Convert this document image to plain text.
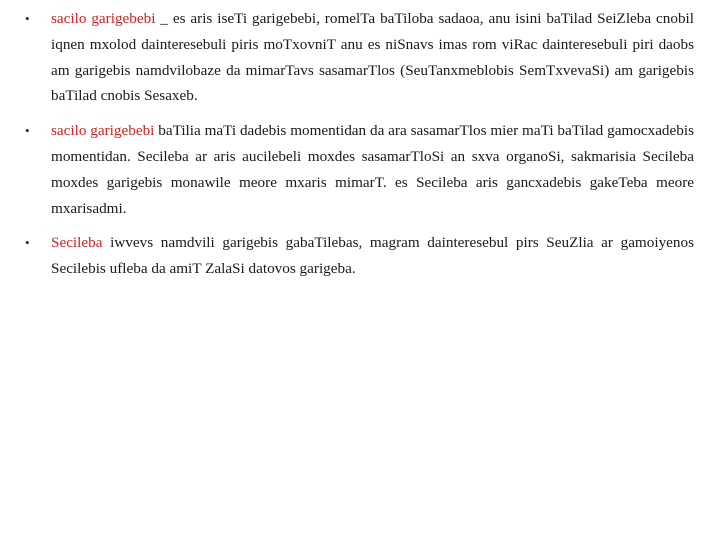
• sacilo garigebebi _ es aris iseTi garigebebi, romelTa baTiloba sadaoa, anu isini baTilad SeiZleba cnobil iqnen mxolod dainteresebuli piris moTxovniT anu es niSnavs imas rom viRac dainteresebuli piri daobs am garigebis namdvilobaze da mimarTavs sasamarTlos (SeuTanxmeblobis SemTxvevaSi) am garigebis baTilad cnobis Sesaxeb.
• sacilo garigebebi baTilia maTi dadebis momentidan da ara sasamarTlos mier maTi baTilad gamocxadebis momentidan. Secileba ar aris aucilebeli moxdes sasamarTloSi an sxva organoSi, sakmarisia Secileba moxdes garigebis monawile meore mxaris mimarT. es Secileba aris gancxadebis gakeTeba meore mxarisadmi.
• Secileba iwvevs namdvili garigebis gabaTilebas, magram dainteresebul pirs SeuZlia ar gamoiyenos Secilebis ufleba da amiT ZalaSi datovos garigeba.
